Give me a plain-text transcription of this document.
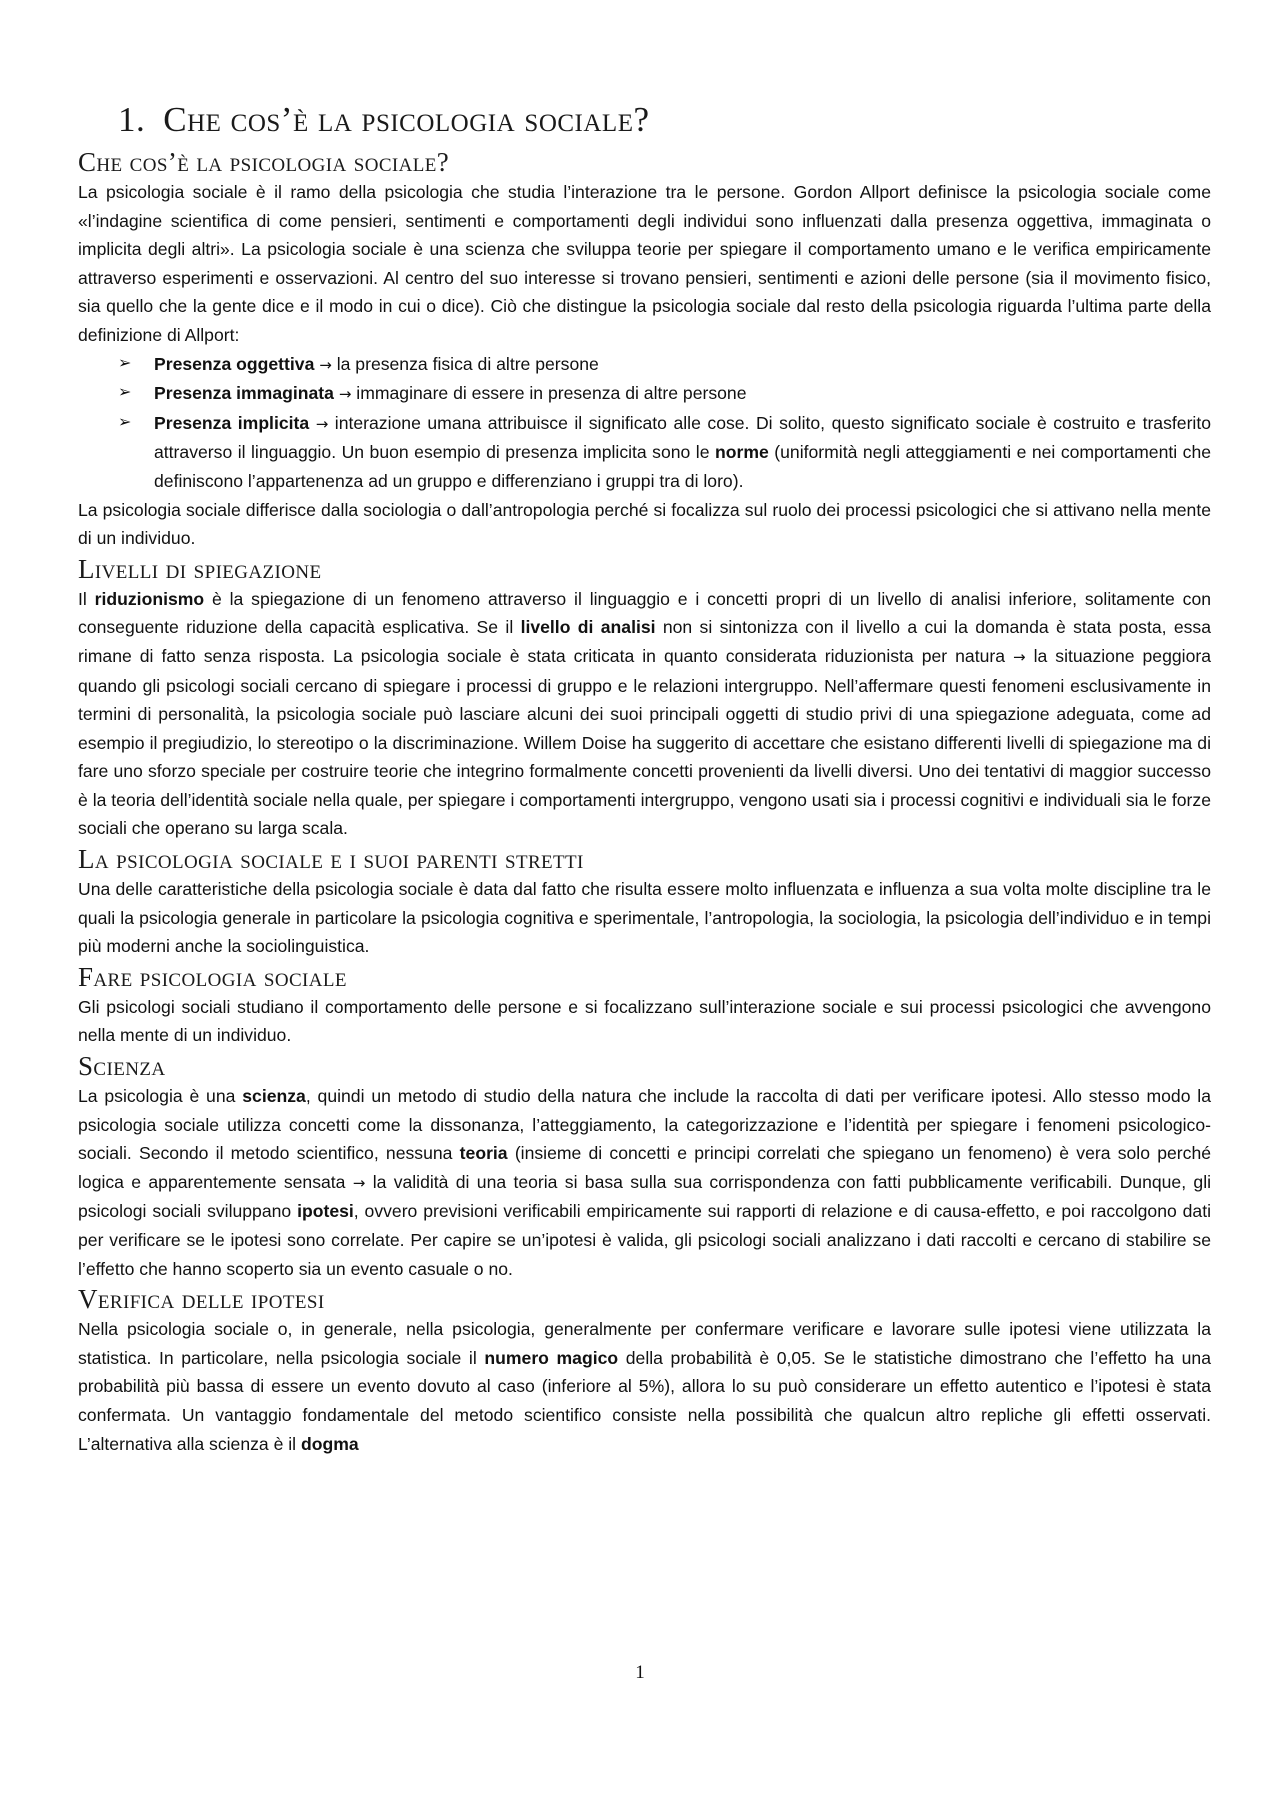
1. Che cos’è la psicologia sociale?
Che cos’è la psicologia sociale?

La psicologia sociale è il ramo della psicologia che studia l’interazione tra le persone. Gordon Allport definisce la psicologia sociale come «l’indagine scientifica di come pensieri, sentimenti e comportamenti degli individui sono influenzati dalla presenza oggettiva, immaginata o implicita degli altri». La psicologia sociale è una scienza che sviluppa teorie per spiegare il comportamento umano e le verifica empiricamente attraverso esperimenti e osservazioni. Al centro del suo interesse si trovano pensieri, sentimenti e azioni delle persone (sia il movimento fisico, sia quello che la gente dice e il modo in cui o dice). Ciò che distingue la psicologia sociale dal resto della psicologia riguarda l’ultima parte della definizione di Allport:

➢ Presenza oggettiva → la presenza fisica di altre persone
➢ Presenza immaginata → immaginare di essere in presenza di altre persone
➢ Presenza implicita → interazione umana attribuisce il significato alle cose. Di solito, questo significato sociale è costruito e trasferito attraverso il linguaggio. Un buon esempio di presenza implicita sono le norme (uniformità negli atteggiamenti e nei comportamenti che definiscono l’appartenenza ad un gruppo e differenziano i gruppi tra di loro).

La psicologia sociale differisce dalla sociologia o dall’antropologia perché si focalizza sul ruolo dei processi psicologici che si attivano nella mente di un individuo.

Livelli di spiegazione

Il riduzionismo è la spiegazione di un fenomeno attraverso il linguaggio e i concetti propri di un livello di analisi inferiore, solitamente con conseguente riduzione della capacità esplicativa. Se il livello di analisi non si sintonizza con il livello a cui la domanda è stata posta, essa rimane di fatto senza risposta. La psicologia sociale è stata criticata in quanto considerata riduzionista per natura → la situazione peggiora quando gli psicologi sociali cercano di spiegare i processi di gruppo e le relazioni intergruppo. Nell’affermare questi fenomeni esclusivamente in termini di personalità, la psicologia sociale può lasciare alcuni dei suoi principali oggetti di studio privi di una spiegazione adeguata, come ad esempio il pregiudizio, lo stereotipo o la discriminazione. Willem Doise ha suggerito di accettare che esistano differenti livelli di spiegazione ma di fare uno sforzo speciale per costruire teorie che integrino formalmente concetti provenienti da livelli diversi. Uno dei tentativi di maggior successo è la teoria dell’identità sociale nella quale, per spiegare i comportamenti intergruppo, vengono usati sia i processi cognitivi e individuali sia le forze sociali che operano su larga scala.

La psicologia sociale e i suoi parenti stretti

Una delle caratteristiche della psicologia sociale è data dal fatto che risulta essere molto influenzata e influenza a sua volta molte discipline tra le quali la psicologia generale in particolare la psicologia cognitiva e sperimentale, l’antropologia, la sociologia, la psicologia dell’individuo e in tempi più moderni anche la sociolinguistica.

Fare psicologia sociale

Gli psicologi sociali studiano il comportamento delle persone e si focalizzano sull’interazione sociale e sui processi psicologici che avvengono nella mente di un individuo.

Scienza

La psicologia è una scienza, quindi un metodo di studio della natura che include la raccolta di dati per verificare ipotesi. Allo stesso modo la psicologia sociale utilizza concetti come la dissonanza, l’atteggiamento, la categorizzazione e l’identità per spiegare i fenomeni psicologico-sociali. Secondo il metodo scientifico, nessuna teoria (insieme di concetti e principi correlati che spiegano un fenomeno) è vera solo perché logica e apparentemente sensata → la validità di una teoria si basa sulla sua corrispondenza con fatti pubblicamente verificabili. Dunque, gli psicologi sociali sviluppano ipotesi, ovvero previsioni verificabili empiricamente sui rapporti di relazione e di causa-effetto, e poi raccolgono dati per verificare se le ipotesi sono correlate. Per capire se un’ipotesi è valida, gli psicologi sociali analizzano i dati raccolti e cercano di stabilire se l’effetto che hanno scoperto sia un evento casuale o no.

Verifica delle ipotesi

Nella psicologia sociale o, in generale, nella psicologia, generalmente per confermare verificare e lavorare sulle ipotesi viene utilizzata la statistica. In particolare, nella psicologia sociale il numero magico della probabilità è 0,05. Se le statistiche dimostrano che l’effetto ha una probabilità più bassa di essere un evento dovuto al caso (inferiore al 5%), allora lo su può considerare un effetto autentico e l’ipotesi è stata confermata. Un vantaggio fondamentale del metodo scientifico consiste nella possibilità che qualcun altro repliche gli effetti osservati. L’alternativa alla scienza è il dogma

1
